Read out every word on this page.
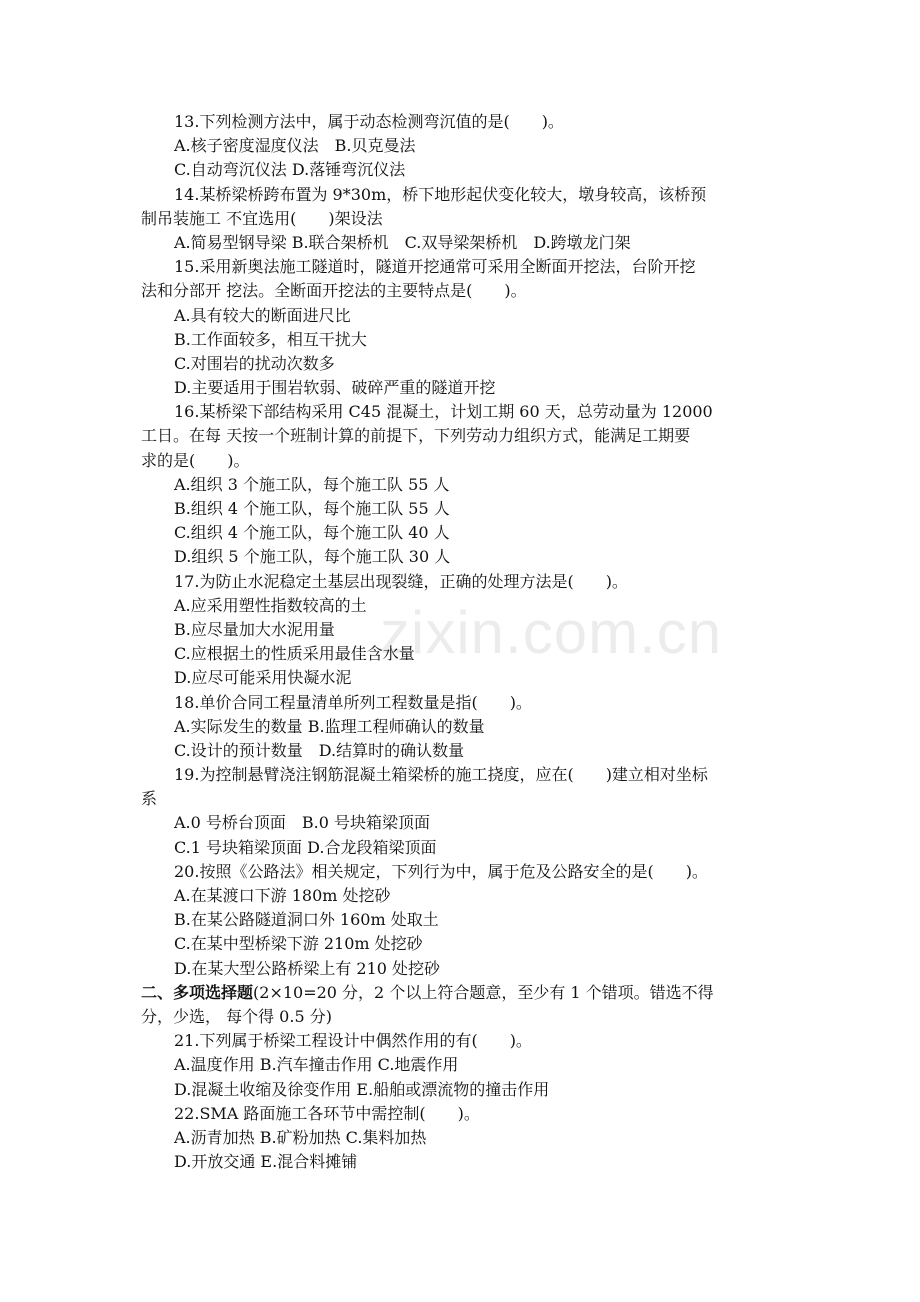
13.下列检测方法中，属于动态检测弯沉值的是(　　)。
A.核子密度湿度仪法　B.贝克曼法
C.自动弯沉仪法 D.落锤弯沉仪法
14.某桥梁桥跨布置为 9*30m，桥下地形起伏变化较大，墩身较高，该桥预
制吊装施工 不宜选用(　　)架设法
A.简易型钢导梁 B.联合架桥机　C.双导梁架桥机　D.跨墩龙门架
15.采用新奥法施工隧道时，隧道开挖通常可采用全断面开挖法，台阶开挖
法和分部开 挖法。全断面开挖法的主要特点是(　　)。
A.具有较大的断面进尺比
B.工作面较多，相互干扰大
C.对围岩的扰动次数多
D.主要适用于围岩软弱、破碎严重的隧道开挖
16.某桥梁下部结构采用 C45 混凝土，计划工期 60 天，总劳动量为 12000
工日。在每 天按一个班制计算的前提下，下列劳动力组织方式，能满足工期要
求的是(　　)。
A.组织 3 个施工队，每个施工队 55 人
B.组织 4 个施工队，每个施工队 55 人
C.组织 4 个施工队，每个施工队 40 人
D.组织 5 个施工队，每个施工队 30 人
17.为防止水泥稳定土基层出现裂缝，正确的处理方法是(　　)。
A.应采用塑性指数较高的土
B.应尽量加大水泥用量
C.应根据土的性质采用最佳含水量
D.应尽可能采用快凝水泥
18.单价合同工程量清单所列工程数量是指(　　)。
A.实际发生的数量 B.监理工程师确认的数量
C.设计的预计数量　D.结算时的确认数量
19.为控制悬臂浇注钢筋混凝土箱梁桥的施工挠度，应在(　　)建立相对坐标
系
A.0 号桥台顶面　B.0 号块箱梁顶面
C.1 号块箱梁顶面 D.合龙段箱梁顶面
20.按照《公路法》相关规定，下列行为中，属于危及公路安全的是(　　)。
A.在某渡口下游 180m 处挖砂
B.在某公路隧道洞口外 160m 处取土
C.在某中型桥梁下游 210m 处挖砂
D.在某大型公路桥梁上有 210 处挖砂
二、多项选择题(2×10=20 分，2 个以上符合题意，至少有 1 个错项。错选不得
分，少选， 每个得 0.5 分)
21.下列属于桥梁工程设计中偶然作用的有(　　)。
A.温度作用 B.汽车撞击作用 C.地震作用
D.混凝土收缩及徐变作用 E.船舶或漂流物的撞击作用
22.SMA 路面施工各环节中需控制(　　)。
A.沥青加热 B.矿粉加热 C.集料加热
D.开放交通 E.混合料摊铺
zixin.com.cn
